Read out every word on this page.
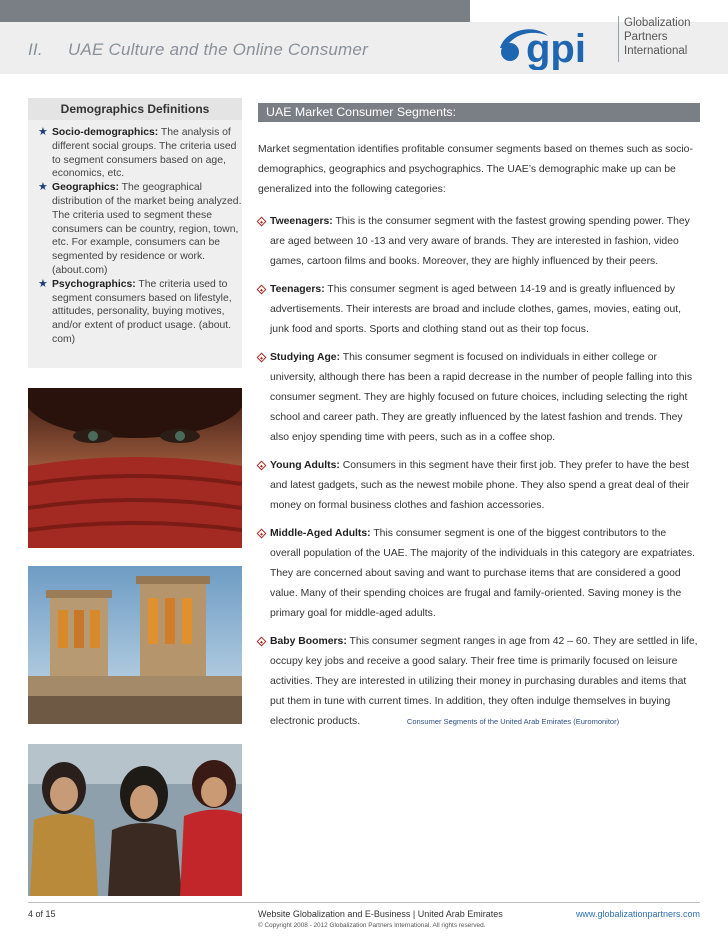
II. UAE Culture and the Online Consumer	gpi
Globalization
Partners
International
Demographics Definitions
★ Socio-demographics: The analysis of different social groups. The criteria used to segment consumers based on age, economics, etc.
★ Geographics: The geographical distribution of the market being analyzed. The criteria used to segment these consumers can be country, region, town, etc. For example, consumers can be segmented by residence or work. (about.com)
★ Psychographics: The criteria used to segment consumers based on lifestyle, attitudes, personality, buying motives, and/or extent of product usage. (about. com)
UAE Market Consumer Segments:
Market segmentation identifies profitable consumer segments based on themes such as socio-demographics, geographics and psychographics. The UAE’s demographic make up can be generalized into the following categories:
Tweenagers: This is the consumer segment with the fastest growing spending power. They are aged between 10 -13 and very aware of brands. They are interested in fashion, video games, cartoon films and books. Moreover, they are highly influenced by their peers.
Teenagers: This consumer segment is aged between 14-19 and is greatly influenced by advertisements. Their interests are broad and include clothes, games, movies, eating out, junk food and sports. Sports and clothing stand out as their top focus.
Studying Age: This consumer segment is focused on individuals in either college or university, although there has been a rapid decrease in the number of people falling into this consumer segment. They are highly focused on future choices, including selecting the right school and career path. They are greatly influenced by the latest fashion and trends. They also enjoy spending time with peers, such as in a coffee shop.
Young Adults: Consumers in this segment have their first job. They prefer to have the best and latest gadgets, such as the newest mobile phone. They also spend a great deal of their money on formal business clothes and fashion accessories.
Middle-Aged Adults: This consumer segment is one of the biggest contributors to the overall population of the UAE. The majority of the individuals in this category are expatriates. They are concerned about saving and want to purchase items that are considered a good value. Many of their spending choices are frugal and family-oriented. Saving money is the primary goal for middle-aged adults.
Baby Boomers: This consumer segment ranges in age from 42 – 60. They are settled in life, occupy key jobs and receive a good salary. Their free time is primarily focused on leisure activities. They are interested in utilizing their money in purchasing durables and items that put them in tune with current times. In addition, they often indulge themselves in buying electronic products.	Consumer Segments of the United Arab Emirates (Euromonitor)
4 of 15	Website Globalization and E-Business | United Arab Emirates
© Copyright 2008 - 2012 Globalization Partners International. All rights reserved.
www.globalizationpartners.com
